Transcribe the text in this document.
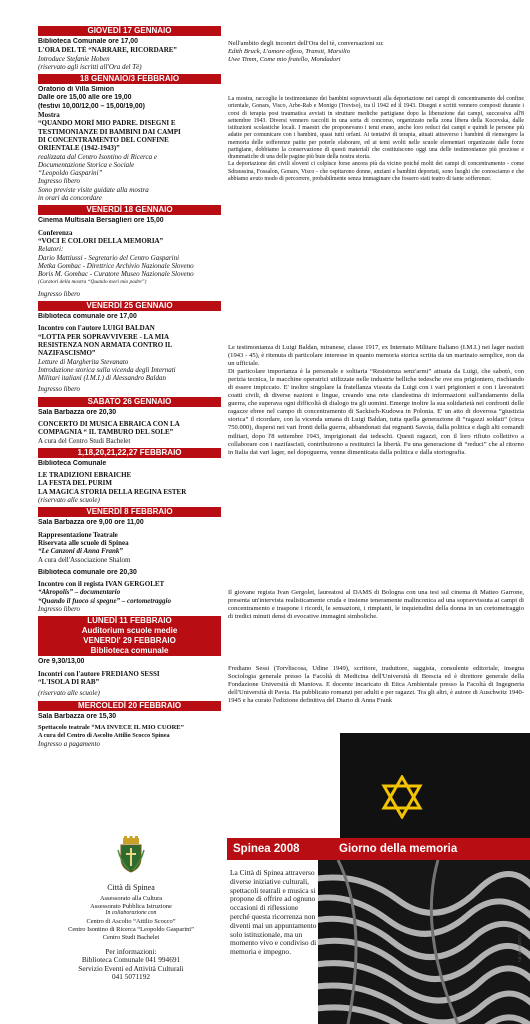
GIOVEDÌ 17 GENNAIO
Biblioteca Comunale ore 17,00
L'ORA DEL TÈ “NARRARE, RICORDARE”
Introduce Stefanie Hoben
(riservato agli iscritti all'Ora del Tè)
18 GENNAIO/3 FEBBRAIO
Oratorio di Villa Simion
Dalle ore 15,00 alle ore 19,00
(festivi 10,00/12,00 – 15,00/19,00)
Mostra
“QUANDO MORÌ MIO PADRE. DISEGNI E
TESTIMONIANZE DI BAMBINI DAI CAMPI
DI CONCENTRAMENTO DEL CONFINE
ORIENTALE (1942-1943)”
realizzata dal Centro Isontino di Ricerca e
Documentazione Storica e Sociale
“Leopoldo Gasparini”
Ingresso libero
Sono previste visite guidate alla mostra
in orari da concordare
VENERDÌ 18 GENNAIO
Cinema Multisala Bersaglieri ore 15,00
Conferenza
“VOCI E COLORI DELLA MEMORIA”
Relatori:
Dario Mattiussi - Segretario del Centro Gasparini
Metka Gombac - Direttrice Archivio Nazionale Sloveno
Boris M. Gombac - Curatore Museo Nazionale Sloveno
(Curatori della mostra “Quando morì mio padre”)
Ingresso libero
VENERDÌ 25 GENNAIO
Biblioteca comunale ore 17,00
Incontro con l'autore LUIGI BALDAN
“LOTTA PER SOPRAVVIVERE - LA MIA
RESISTENZA NON ARMATA CONTRO IL
NAZIFASCISMO”
Letture di Margherita Stevanato
Introduzione storica sulla vicenda degli Internati
Militari italiani (I.M.I.) di Alessandro Baldan
Ingresso libero
SABATO 26 GENNAIO
Sala Barbazza ore 20,30
CONCERTO DI MUSICA EBRAICA CON LA
COMPAGNIA “ IL TAMBURO DEL SOLE”
A cura del Centro Studi Bachelet
1,18,20,21,22,27 FEBBRAIO
Biblioteca Comunale
LE TRADIZIONI EBRAICHE
LA FESTA DEL PURIM
LA MAGICA STORIA DELLA REGINA ESTER
(riservato alle scuole)
VENERDÌ 8 FEBBRAIO
Sala Barbazza ore 9,00 ore 11,00
Rappresentazione Teatrale
Riservata alle scuole di Spinea
“Le Canzoni di Anna Frank”
A cura dell'Associazione Shalom
Biblioteca comunale ore 20,30
Incontro con il regista IVAN GERGOLET
“Akropolis” – documentario
“Quando il fuoco si spegne” – cortometraggio
Ingresso libero
LUNEDÌ 11 FEBBRAIO
Auditorium scuole medie
VENERDI' 29 FEBBRAIO
Biblioteca comunale
Ore 9,30/13,00
Incontri con l'autore FREDIANO SESSI
“L'ISOLA DI RAB”
(riservato alle scuole)
MERCOLEDÌ 20 FEBBRAIO
Sala Barbazza ore 15,30
Spettacolo teatrale “MA INVECE IL MIO CUORE”
A cura del Centro di Ascolto Attilio Scocco Spinea
Ingresso a pagamento
Nell'ambito degli incontri dell'Ora del tè, conversazioni su:
Edith Bruck, L'amore offeso, Transit, Marsilio
Uwe Timm, Come mio fratello, Mondadori
La mostra, raccoglie le testimonianze dei bambini sopravvissuti alla deportazione nei campi di concentramento del confine orientale, Gonars, Visco, Arbe-Rab e Monigo (Treviso), tra il 1942 ed il 1943. Disegni e scritti vennero composti durante i corsi di terapia post traumatica avviati in strutture mediche partigiane dopo la liberazione dai campi, successiva all'8 settembre 1943. Diversi vennero raccolti in una sorta di concorso, organizzato nella zona libera della Kocevska, dalle istituzioni scolastiche locali. I maestri che proponevano i temi erano, anche loro reduci dai campi e quindi le persone più adatte per comunicare con i bambini, quasi tutti orfani. Ai tentativi di terapia, attuati attraverso i bambini di riemergere la memoria delle sofferenze patite per poterle elaborare, ed ai temi svolti nelle scuole elementari organizzate dalle forze partigiane, dobbiamo la conservazione di questi materiali che costituiscono oggi una delle testimonianze più preziose e drammatiche di una delle pagine più buie della nostra storia.
La deportazione dei civili sloveni ci colpisce forse ancora più da vicino poiché molti dei campi di concentramento - come Sdraussina, Fossalon, Gonars, Visco - che ospitarono donne, anziani e bambini deportati, sono luoghi che conosciamo e che abbiamo avuto modo di percorrere, probabilmente senza immaginare che fossero stati teatro di tante sofferenze.
Le testimonianza di Luigi Baldan, miranese, classe 1917, ex Internato Militare Italiano (I.M.I.) nei lager nazisti (1943 - 45), è ritenuta di particolare interesse in quanto memoria storica scritta da un marinaio semplice, non da un ufficiale.
Di particolare importanza è la personale e solitaria “Resistenza senz'armi” attuata da Luigi, che sabotò, con perizia tecnica, le macchine operatrici utilizzate nelle industrie belliche tedesche ove era prigioniero, rischiando di essere impiccato. E' inoltre singolare la fratellanza vissuta da Luigi con i vari prigionieri e con i lavoratori coatti civili, di diverse nazioni e lingue, creando una rete clandestina di informazioni sull'andamento della guerra, che superava ogni difficoltà di dialogo tra gli uomini. Emerge inoltre la sua solidarietà nei confronti delle ragazze ebree nel campo di concentramento di Sackisch-Kudowa in Polonia. E' un atto di doverosa “giustizia storica” il ricordare, con la vicenda umana di Luigi Baldan, tutta quella generazione di “ragazzi soldati” (circa 750.000), dispersi nei vari fronti della guerra, abbandonati dai regnanti Savoia, dalla politica e dagli alti comandi militari, dopo l'8 settembre 1943, imprigionati dai tedeschi. Questi ragazzi, con il loro rifiuto collettivo a collaborare con i nazifascisti, contribuirono a restituirci la libertà. Fu una generazione di “reduci” che al ritorno in Italia dai vari lager, nel dopoguerra, venne dimenticata dalla politica e dalla storiografia.
Il giovane regista Ivan Gergolet, laureatosi al DAMS di Bologna con una tesi sul cinema di Matteo Garrone, presenta un'intervista realisticamente cruda e insieme teneramente malinconica ad una sopravvissuta ai campi di concentramento e traspone i ricordi, le sensazioni, i rimpianti, le inquietudini della donna in un cortometraggio di tredici minuti densi di evocative immagini simboliche.
Frediano Sessi (Torvliscosa, Udine 1949), scrittore, traduttore, saggista, consulente editoriale, insegna Sociologia generale presso la Facoltà di Medicina dell'Università di Brescia ed è direttore generale della Fondazione Università di Mantova. E docente incaricato di Etica Ambientale presso la Facoltà di Ingegneria dell'Università di Pavia. Ha pubblicato romanzi per adulti e per ragazzi. Tra gli altri, è autore di Auschwitz 1940-1945 e ha curato l'edizione definitiva del Diario di Anna Frank
Spinea 2008	Giorno della memoria
Città di Spinea
Assessorato alla Cultura
Assessorato Pubblica Istruzione
In collaborazione con
Centro di Ascolto “Attilio Scocco”
Centro Isontino di Ricerca “Leopoldo Gasparini”
Centro Studi Bachelet
Per informazioni:
Biblioteca Comunale 041 994691
Servizio Eventi ed Attività Culturali
041 5071192
La Città di Spinea attraverso diverse iniziative culturali, spettacoli teatrali e musica si propone di offrire ad ognuno occasioni di riflessione perché questa ricorrenza non diventi mai un appuntamento solo istituzionale, ma un momento vivo e condiviso di memoria e impegno.	GR-Spi-0418073
